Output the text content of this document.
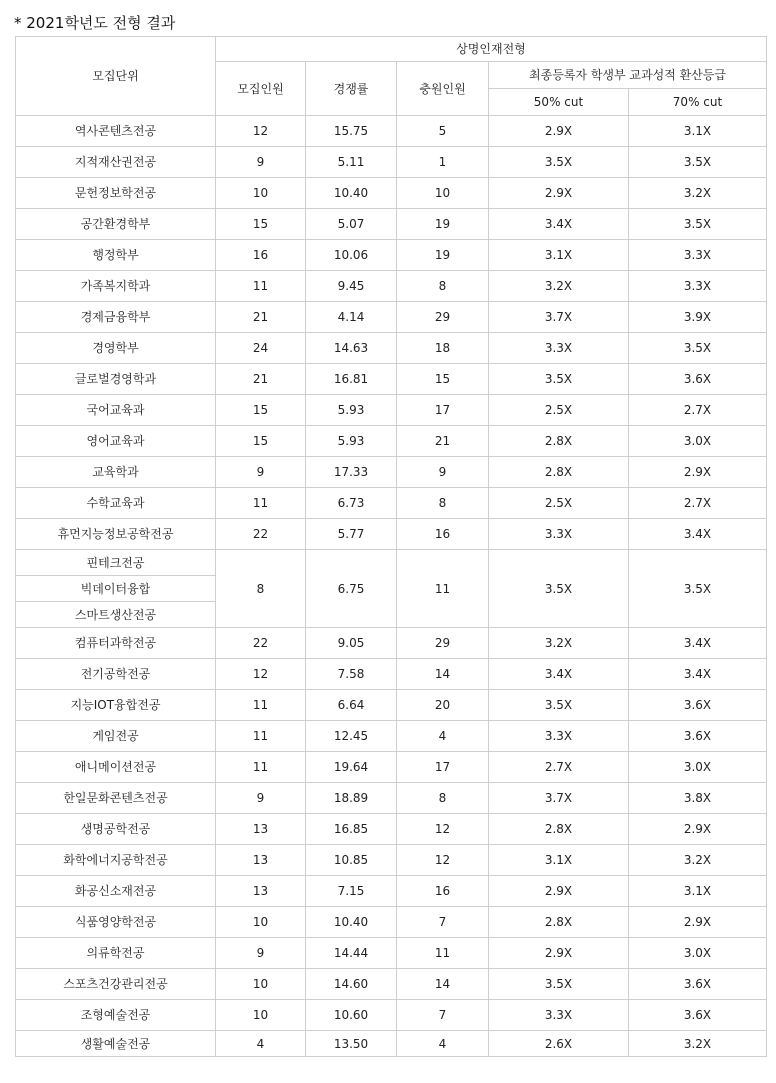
* 2021학년도 전형 결과
모집단위	상명인재전형				
	모집인원	경쟁률	충원인원	최종등록자 학생부 교과성적 환산등급	
				50% cut	70% cut
역사콘텐츠전공	12	15.75	5	2.9X	3.1X
지적재산권전공	9	5.11	1	3.5X	3.5X
문헌정보학전공	10	10.40	10	2.9X	3.2X
공간환경학부	15	5.07	19	3.4X	3.5X
행정학부	16	10.06	19	3.1X	3.3X
가족복지학과	11	9.45	8	3.2X	3.3X
경제금융학부	21	4.14	29	3.7X	3.9X
경영학부	24	14.63	18	3.3X	3.5X
글로벌경영학과	21	16.81	15	3.5X	3.6X
국어교육과	15	5.93	17	2.5X	2.7X
영어교육과	15	5.93	21	2.8X	3.0X
교육학과	9	17.33	9	2.8X	2.9X
수학교육과	11	6.73	8	2.5X	2.7X
휴먼지능정보공학전공	22	5.77	16	3.3X	3.4X
핀테크전공	8	6.75	11	3.5X	3.5X
빅데이터융합					
스마트생산전공					
컴퓨터과학전공	22	9.05	29	3.2X	3.4X
전기공학전공	12	7.58	14	3.4X	3.4X
지능IOT융합전공	11	6.64	20	3.5X	3.6X
게임전공	11	12.45	4	3.3X	3.6X
애니메이션전공	11	19.64	17	2.7X	3.0X
한일문화콘텐츠전공	9	18.89	8	3.7X	3.8X
생명공학전공	13	16.85	12	2.8X	2.9X
화학에너지공학전공	13	10.85	12	3.1X	3.2X
화공신소재전공	13	7.15	16	2.9X	3.1X
식품영양학전공	10	10.40	7	2.8X	2.9X
의류학전공	9	14.44	11	2.9X	3.0X
스포츠건강관리전공	10	14.60	14	3.5X	3.6X
조형예술전공	10	10.60	7	3.3X	3.6X
생활예술전공	4	13.50	4	2.6X	3.2X
